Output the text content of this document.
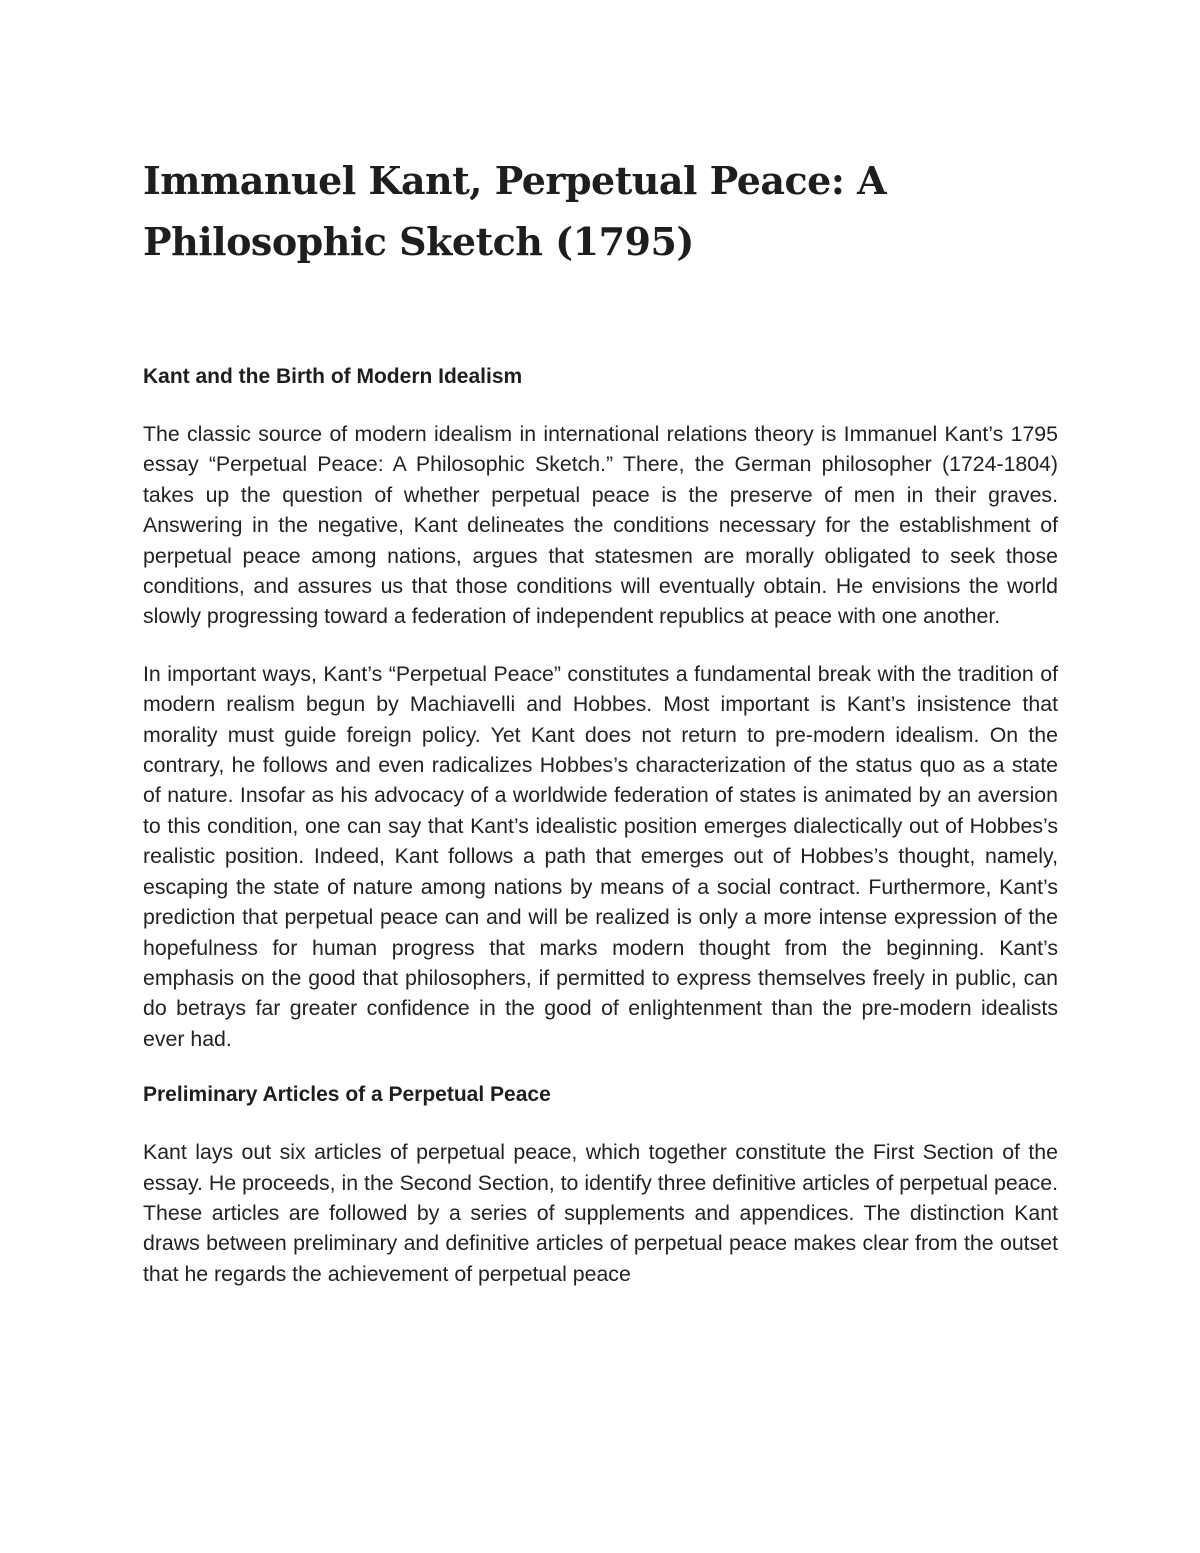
Immanuel Kant, Perpetual Peace: A Philosophic Sketch (1795)
Kant and the Birth of Modern Idealism

The classic source of modern idealism in international relations theory is Immanuel Kant’s 1795 essay “Perpetual Peace: A Philosophic Sketch.” There, the German philosopher (1724-1804) takes up the question of whether perpetual peace is the preserve of men in their graves. Answering in the negative, Kant delineates the conditions necessary for the establishment of perpetual peace among nations, argues that statesmen are morally obligated to seek those conditions, and assures us that those conditions will eventually obtain. He envisions the world slowly progressing toward a federation of independent republics at peace with one another.

In important ways, Kant’s “Perpetual Peace” constitutes a fundamental break with the tradition of modern realism begun by Machiavelli and Hobbes. Most important is Kant’s insistence that morality must guide foreign policy. Yet Kant does not return to pre-modern idealism. On the contrary, he follows and even radicalizes Hobbes’s characterization of the status quo as a state of nature. Insofar as his advocacy of a worldwide federation of states is animated by an aversion to this condition, one can say that Kant’s idealistic position emerges dialectically out of Hobbes’s realistic position. Indeed, Kant follows a path that emerges out of Hobbes’s thought, namely, escaping the state of nature among nations by means of a social contract. Furthermore, Kant’s prediction that perpetual peace can and will be realized is only a more intense expression of the hopefulness for human progress that marks modern thought from the beginning. Kant’s emphasis on the good that philosophers, if permitted to express themselves freely in public, can do betrays far greater confidence in the good of enlightenment than the pre-modern idealists ever had.

Preliminary Articles of a Perpetual Peace

Kant lays out six articles of perpetual peace, which together constitute the First Section of the essay. He proceeds, in the Second Section, to identify three definitive articles of perpetual peace. These articles are followed by a series of supplements and appendices. The distinction Kant draws between preliminary and definitive articles of perpetual peace makes clear from the outset that he regards the achievement of perpetual peace
